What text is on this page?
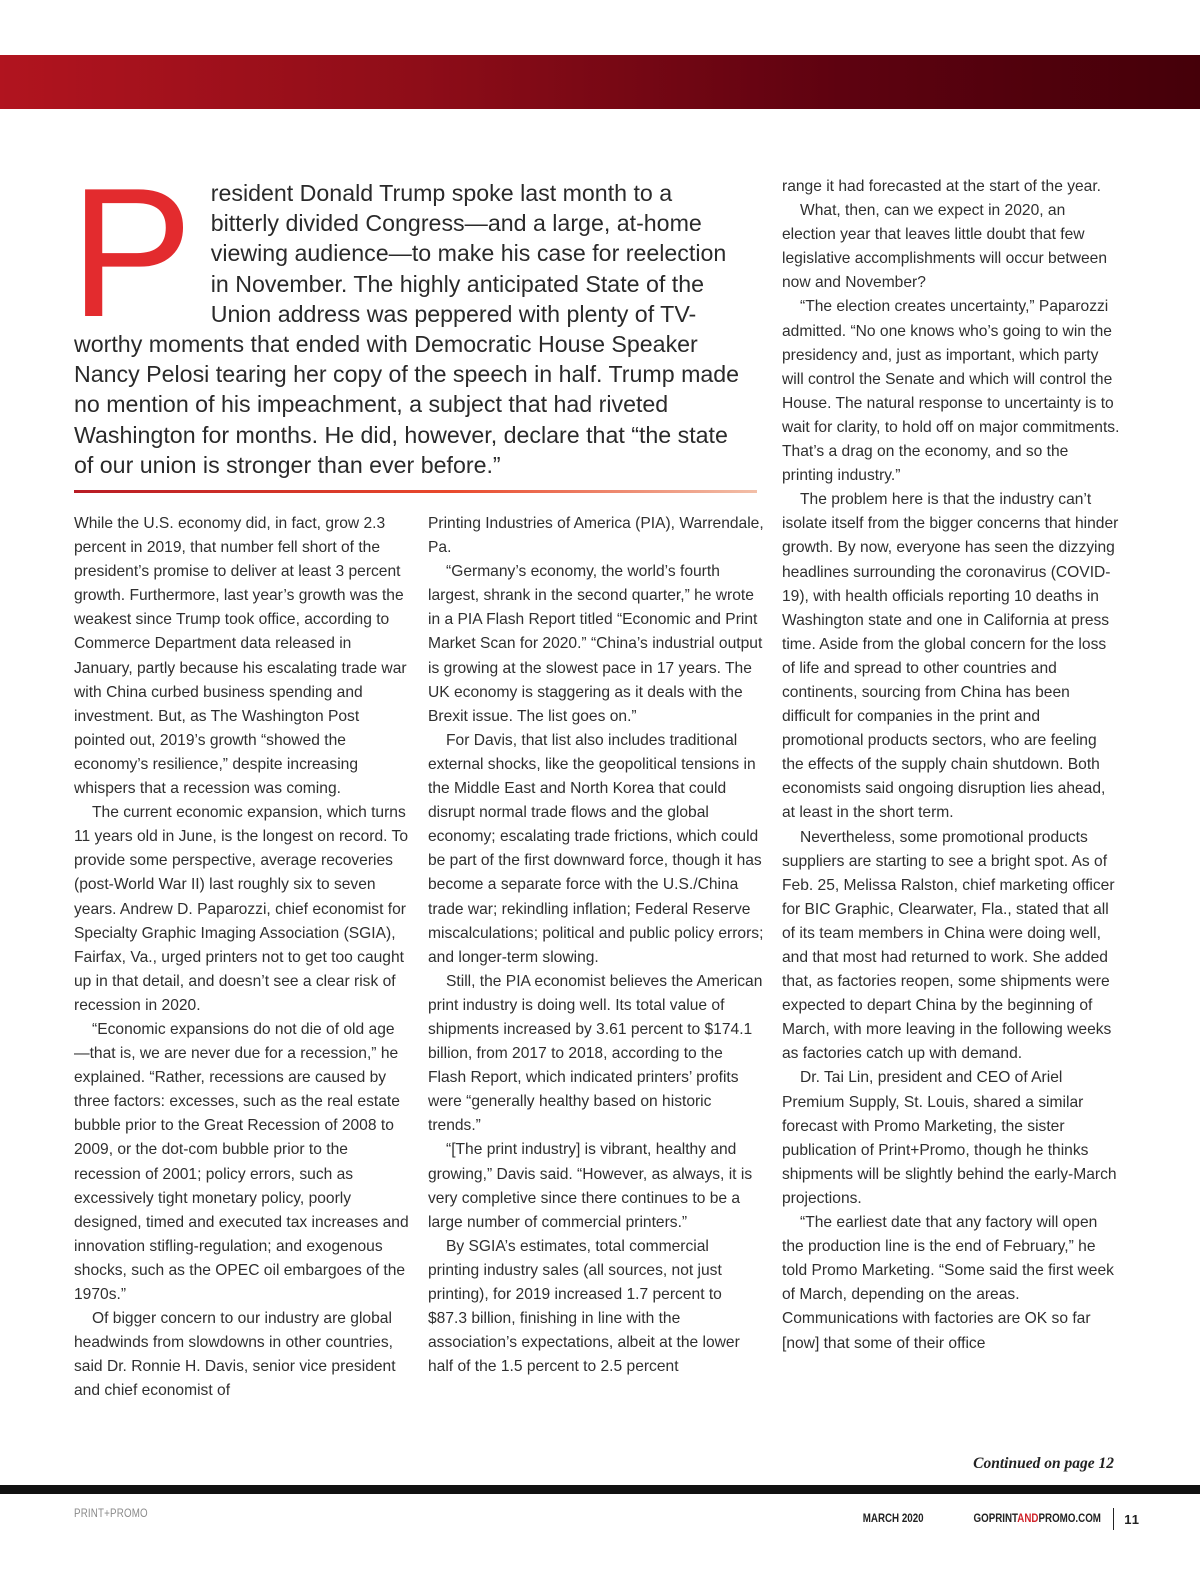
President Donald Trump spoke last month to a bitterly divided Congress—and a large, at-home viewing audience—to make his case for reelection in November. The highly anticipated State of the Union address was peppered with plenty of TV-worthy moments that ended with Democratic House Speaker Nancy Pelosi tearing her copy of the speech in half. Trump made no mention of his impeachment, a subject that had riveted Washington for months. He did, however, declare that “the state of our union is stronger than ever before.”

While the U.S. economy did, in fact, grow 2.3 percent in 2019, that number fell short of the president’s promise to deliver at least 3 percent growth. Furthermore, last year’s growth was the weakest since Trump took office, according to Commerce Department data released in January, partly because his escalating trade war with China curbed business spending and investment. But, as The Washington Post pointed out, 2019’s growth “showed the economy’s resilience,” despite increasing whispers that a recession was coming.

The current economic expansion, which turns 11 years old in June, is the longest on record. To provide some perspective, average recoveries (post-World War II) last roughly six to seven years. Andrew D. Paparozzi, chief economist for Specialty Graphic Imaging Association (SGIA), Fairfax, Va., urged printers not to get too caught up in that detail, and doesn’t see a clear risk of recession in 2020.

“Economic expansions do not die of old age—that is, we are never due for a recession,” he explained. “Rather, recessions are caused by three factors: excesses, such as the real estate bubble prior to the Great Recession of 2008 to 2009, or the dot-com bubble prior to the recession of 2001; policy errors, such as excessively tight monetary policy, poorly designed, timed and executed tax increases and innovation stifling-regulation; and exogenous shocks, such as the OPEC oil embargoes of the 1970s.”

Of bigger concern to our industry are global headwinds from slowdowns in other countries, said Dr. Ronnie H. Davis, senior vice president and chief economist of

Printing Industries of America (PIA), Warrendale, Pa.

“Germany’s economy, the world’s fourth largest, shrank in the second quarter,” he wrote in a PIA Flash Report titled “Economic and Print Market Scan for 2020.” “China’s industrial output is growing at the slowest pace in 17 years. The UK economy is staggering as it deals with the Brexit issue. The list goes on.”

For Davis, that list also includes traditional external shocks, like the geopolitical tensions in the Middle East and North Korea that could disrupt normal trade flows and the global economy; escalating trade frictions, which could be part of the first downward force, though it has become a separate force with the U.S./China trade war; rekindling inflation; Federal Reserve miscalculations; political and public policy errors; and longer-term slowing.

Still, the PIA economist believes the American print industry is doing well. Its total value of shipments increased by 3.61 percent to $174.1 billion, from 2017 to 2018, according to the Flash Report, which indicated printers’ profits were “generally healthy based on historic trends.”

“[The print industry] is vibrant, healthy and growing,” Davis said. “However, as always, it is very completive since there continues to be a large number of commercial printers.”

By SGIA’s estimates, total commercial printing industry sales (all sources, not just printing), for 2019 increased 1.7 percent to $87.3 billion, finishing in line with the association’s expectations, albeit at the lower half of the 1.5 percent to 2.5 percent

range it had forecasted at the start of the year.

What, then, can we expect in 2020, an election year that leaves little doubt that few legislative accomplishments will occur between now and November?

“The election creates uncertainty,” Paparozzi admitted. “No one knows who’s going to win the presidency and, just as important, which party will control the Senate and which will control the House. The natural response to uncertainty is to wait for clarity, to hold off on major commitments. That’s a drag on the economy, and so the printing industry.”

The problem here is that the industry can’t isolate itself from the bigger concerns that hinder growth. By now, everyone has seen the dizzying headlines surrounding the coronavirus (COVID-19), with health officials reporting 10 deaths in Washington state and one in California at press time. Aside from the global concern for the loss of life and spread to other countries and continents, sourcing from China has been difficult for companies in the print and promotional products sectors, who are feeling the effects of the supply chain shutdown. Both economists said ongoing disruption lies ahead, at least in the short term.

Nevertheless, some promotional products suppliers are starting to see a bright spot. As of Feb. 25, Melissa Ralston, chief marketing officer for BIC Graphic, Clearwater, Fla., stated that all of its team members in China were doing well, and that most had returned to work. She added that, as factories reopen, some shipments were expected to depart China by the beginning of March, with more leaving in the following weeks as factories catch up with demand.

Dr. Tai Lin, president and CEO of Ariel Premium Supply, St. Louis, shared a similar forecast with Promo Marketing, the sister publication of Print+Promo, though he thinks shipments will be slightly behind the early-March projections.

“The earliest date that any factory will open the production line is the end of February,” he told Promo Marketing. “Some said the first week of March, depending on the areas. Communications with factories are OK so far [now] that some of their office

Continued on page 12
PRINT+PROMO	MARCH 2020	GOPRINTANDPROMO.COM 11
